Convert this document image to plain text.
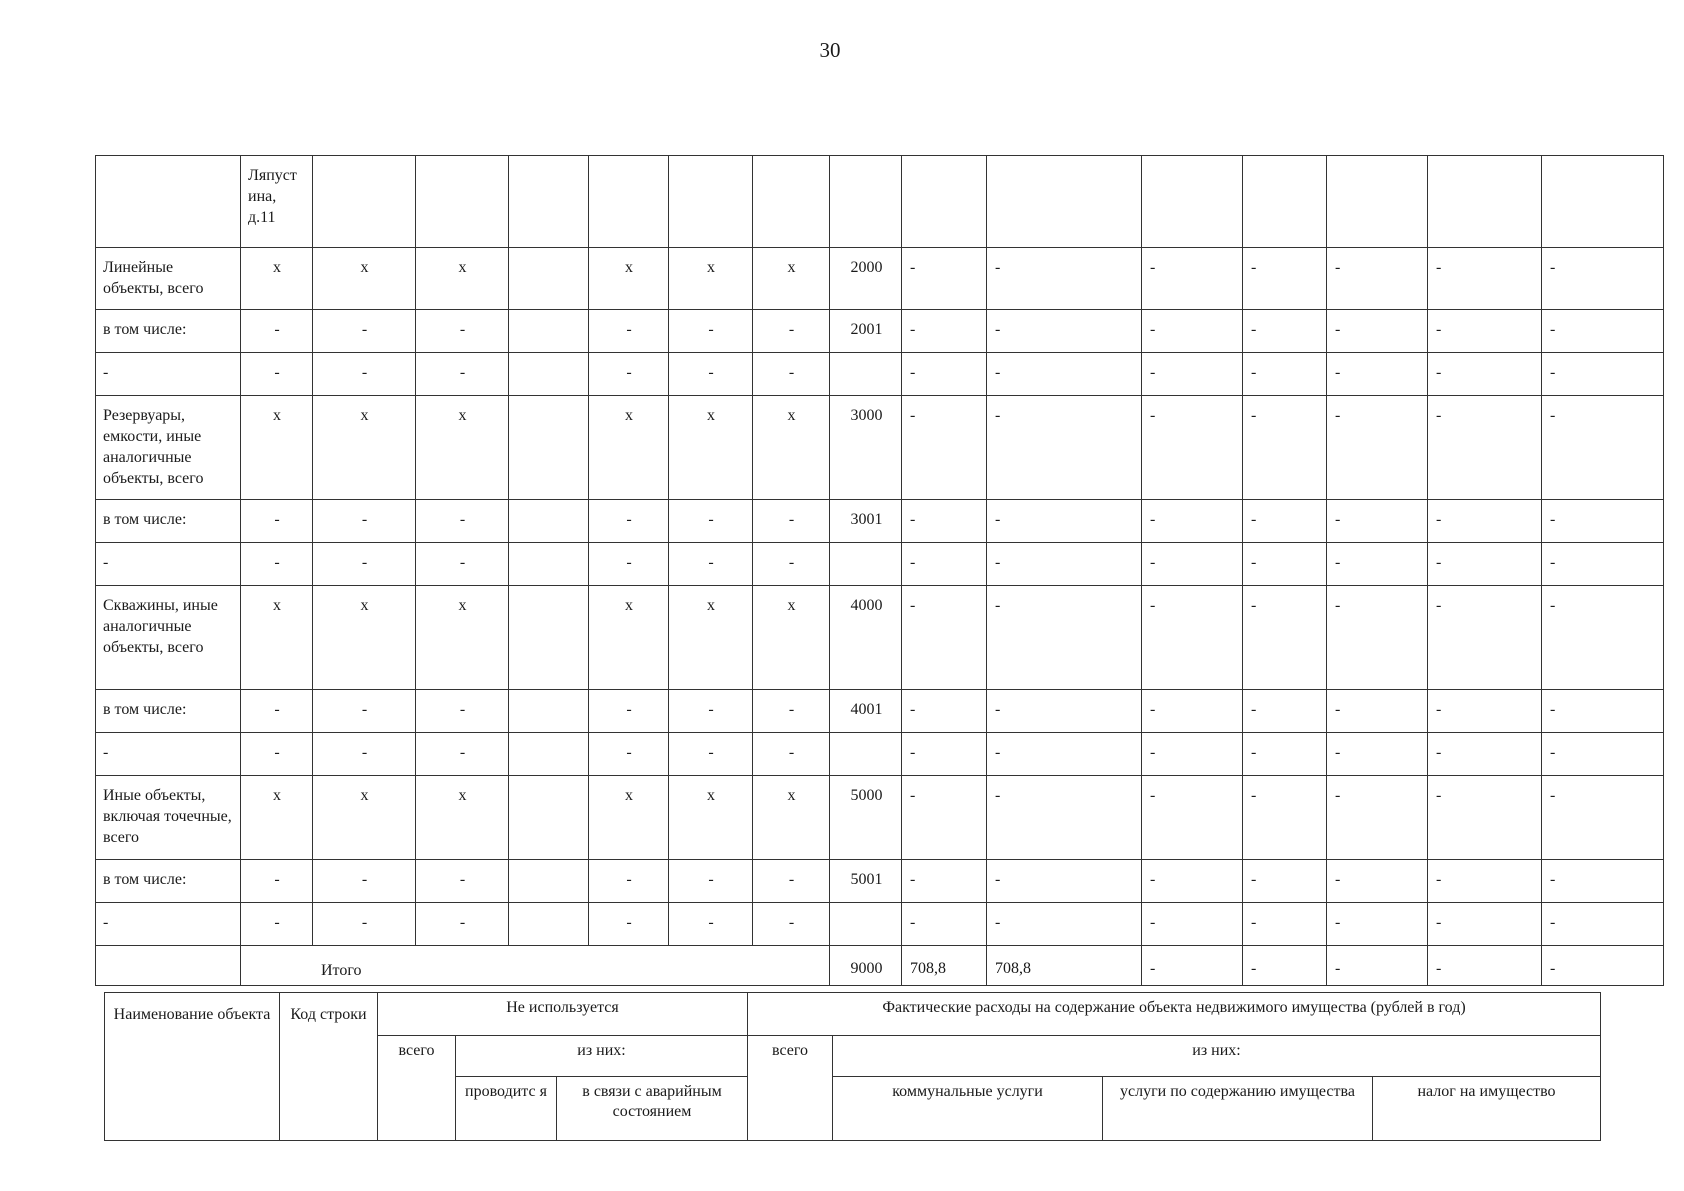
30
	Ляпуст ина, д.11														
Линейные объекты, всего	х	х	х		х	х	х	2000	-	-	-	-	-	-	-
в том числе:	-	-	-		-	-	-	2001	-	-	-	-	-	-	-
-	-	-	-		-	-	-		-	-	-	-	-	-	-
Резервуары, емкости, иные аналогичные объекты, всего	х	х	х		х	х	х	3000	-	-	-	-	-	-	-
в том числе:	-	-	-		-	-	-	3001	-	-	-	-	-	-	-
-	-	-	-		-	-	-		-	-	-	-	-	-	-
Скважины, иные аналогичные объекты, всего	х	х	х		х	х	х	4000	-	-	-	-	-	-	-
в том числе:	-	-	-		-	-	-	4001	-	-	-	-	-	-	-
-	-	-	-		-	-	-		-	-	-	-	-	-	-
Иные объекты, включая точечные, всего	х	х	х		х	х	х	5000	-	-	-	-	-	-	-
в том числе:	-	-	-		-	-	-	5001	-	-	-	-	-	-	-
-	-	-	-		-	-	-		-	-	-	-	-	-	-
	Итого							9000	708,8	708,8	-	-	-	-	-
Наименование объекта	Код строки	Не используется			Фактические расходы на содержание объекта недвижимого имущества (рублей в год)			
		всего	из них:		всего	из них:		
			проводитс я	в связи с аварийным состоянием		коммунальные услуги	услуги по содержанию имущества	налог на имущество
